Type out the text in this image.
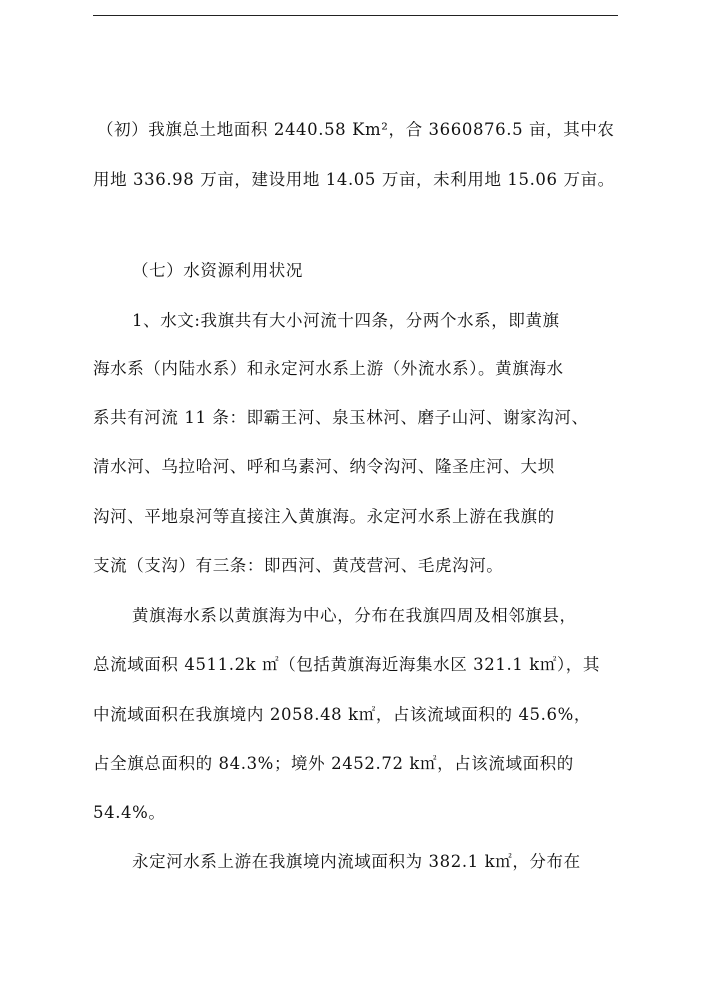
（初）我旗总土地面积 2440.58 Km²，合 3660876.5 亩，其中农
用地 336.98 万亩，建设用地 14.05 万亩，未利用地 15.06 万亩。
（七）水资源利用状况
1、水文:我旗共有大小河流十四条，分两个水系，即黄旗
海水系（内陆水系）和永定河水系上游（外流水系）。黄旗海水
系共有河流 11 条：即霸王河、泉玉林河、磨子山河、谢家沟河、
清水河、乌拉哈河、呼和乌素河、纳令沟河、隆圣庄河、大坝
沟河、平地泉河等直接注入黄旗海。永定河水系上游在我旗的
支流（支沟）有三条：即西河、黄茂营河、毛虎沟河。
黄旗海水系以黄旗海为中心，分布在我旗四周及相邻旗县，
总流域面积 4511.2k ㎡（包括黄旗海近海集水区 321.1 k㎡），其
中流域面积在我旗境内 2058.48 k㎡，占该流域面积的 45.6%，
占全旗总面积的 84.3%；境外 2452.72 k㎡，占该流域面积的
54.4%。
永定河水系上游在我旗境内流域面积为 382.1 k㎡，分布在
